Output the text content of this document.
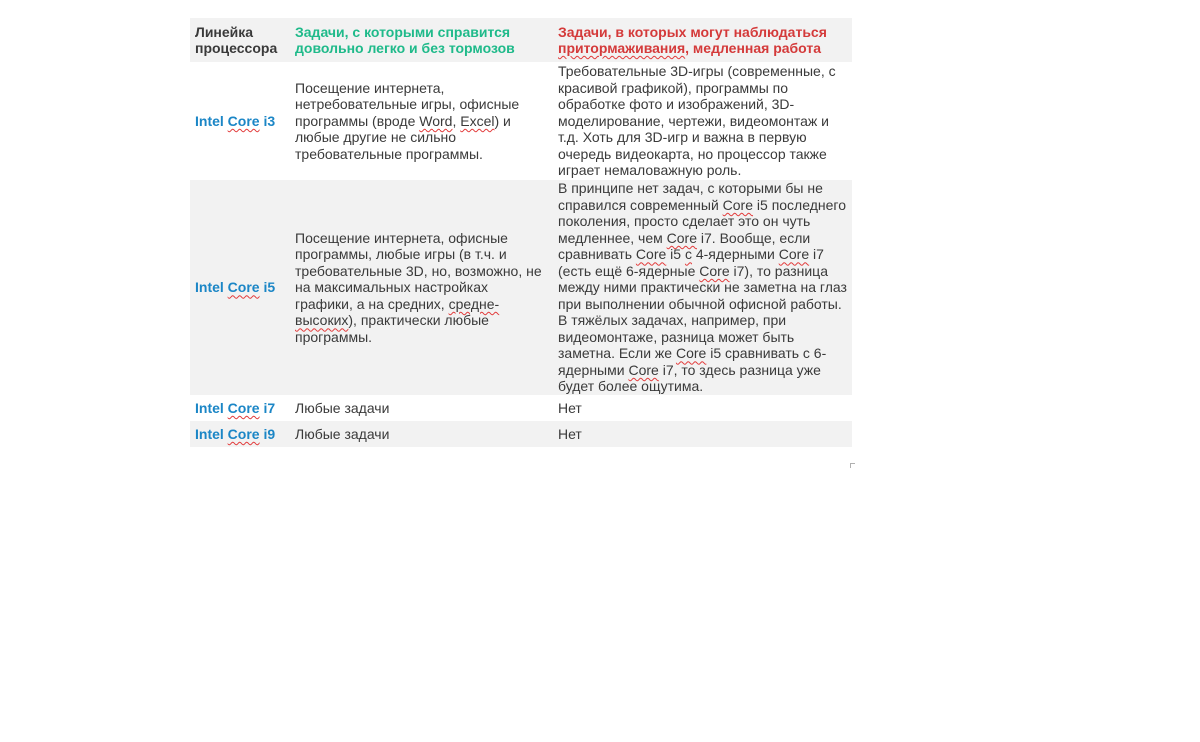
Линейка процессора	Задачи, с которыми справится довольно легко и без тормозов	Задачи, в которых могут наблюдаться притормаживания, медленная работа
Intel Core i3	Посещение интернета, нетребовательные игры, офисные программы (вроде Word, Excel) и любые другие не сильно требовательные программы.	Требовательные 3D-игры (современные, с красивой графикой), программы по обработке фото и изображений, 3D-моделирование, чертежи, видеомонтаж и т.д. Хоть для 3D-игр и важна в первую очередь видеокарта, но процессор также играет немаловажную роль.
Intel Core i5	Посещение интернета, офисные программы, любые игры (в т.ч. и требовательные 3D, но, возможно, не на максимальных настройках графики, а на средних, средне-высоких), практически любые программы.	В принципе нет задач, с которыми бы не справился современный Core i5 последнего поколения, просто сделает это он чуть медленнее, чем Core i7. Вообще, если сравнивать Core i5 с 4-ядерными Core i7 (есть ещё 6-ядерные Core i7), то разница между ними практически не заметна на глаз при выполнении обычной офисной работы. В тяжёлых задачах, например, при видеомонтаже, разница может быть заметна. Если же Core i5 сравнивать с 6-ядерными Core i7, то здесь разница уже будет более ощутима.
Intel Core i7	Любые задачи	Нет
Intel Core i9	Любые задачи	Нет
